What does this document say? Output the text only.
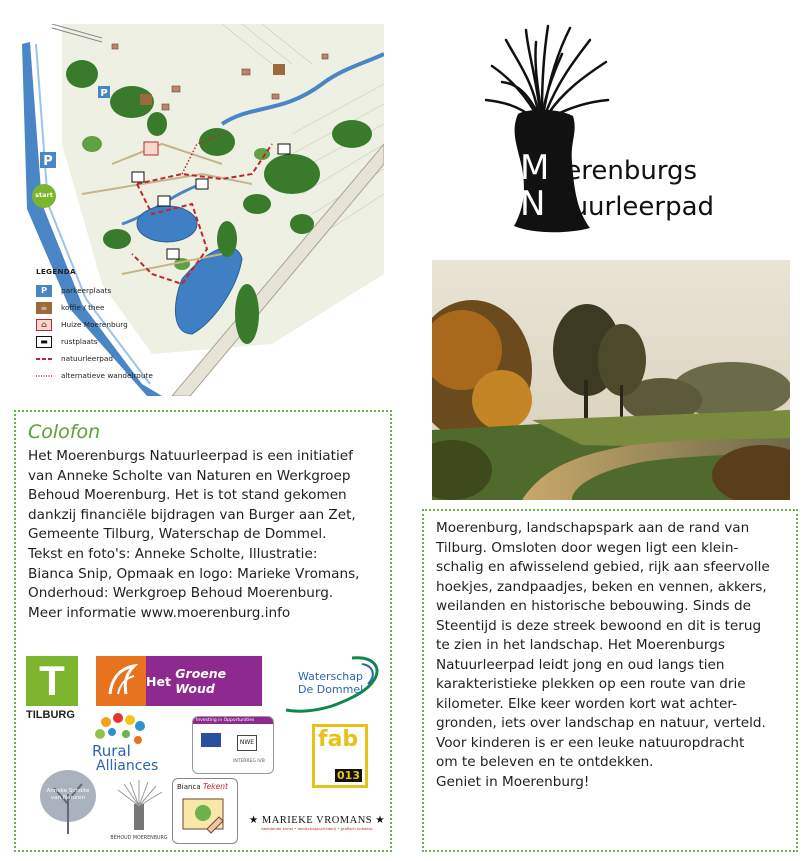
P
P
start
LEGENDA
P	parkeerplaats
☕	koffie / thee
⌂	Huize Moerenburg
▬	rustplaats
natuurleerpad
alternatieve wandelroute
Colofon
Het Moerenburgs Natuurleerpad is een initiatief
van Anneke Scholte van Naturen en Werkgroep
Behoud Moerenburg. Het is tot stand gekomen
dankzij financiële bijdragen van Burger aan Zet,
Gemeente Tilburg, Waterschap de Dommel.
Tekst en foto's: Anneke Scholte, Illustratie:
Bianca Snip, Opmaak en logo: Marieke Vromans,
Onderhoud: Werkgroep Behoud Moerenburg.
Meer informatie www.moerenburg.info
T
TILBURG
Het Groene Woud
Waterschap
De Dommel
Rural
Alliances
Investing in Opportunities
NWE
INTERREG IVB
fab
013
Anneke Scholte van Naturen
BEHOUD MOERENBURG
Bianca Tekent
★ MARIEKE VROMANS ★
beeldende kunst • landschapsschilderij • grafisch ontwerp
Moerenburgs
Natuurleerpad
Moerenburg, landschapspark aan de rand van
Tilburg. Omsloten door wegen ligt een klein-
schalig en afwisselend gebied, rijk aan sfeervolle
hoekjes, zandpaadjes, beken en vennen, akkers,
weilanden en historische bebouwing. Sinds de
Steentijd is deze streek bewoond en dit is terug
te zien in het landschap. Het Moerenburgs
Natuurleerpad leidt jong en oud langs tien
karakteristieke plekken op een route van drie
kilometer. Elke keer worden kort wat achter-
gronden, iets over landschap en natuur, verteld.
Voor kinderen is er een leuke natuuropdracht
om te beleven en te ontdekken.
Geniet in Moerenburg!
